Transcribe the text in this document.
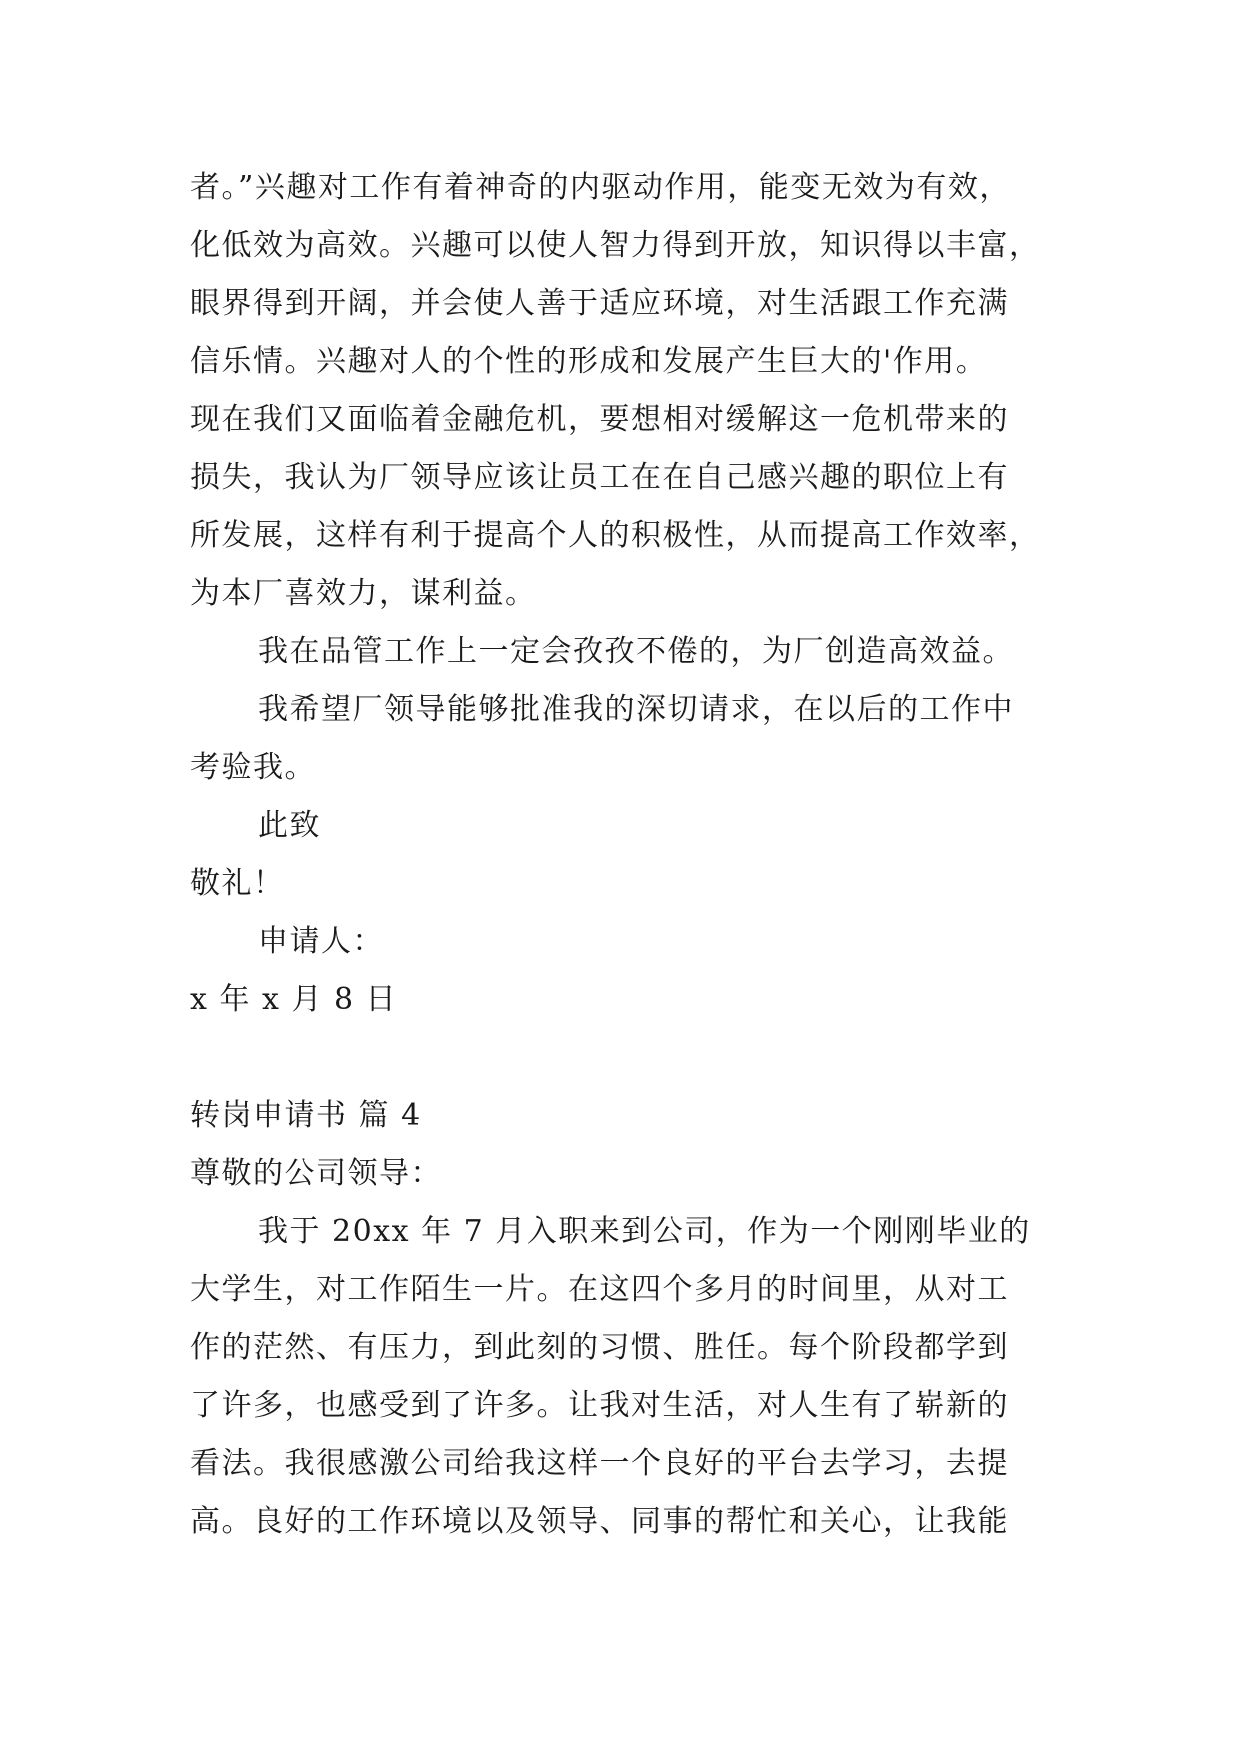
者。”兴趣对工作有着神奇的内驱动作用，能变无效为有效，
化低效为高效。兴趣可以使人智力得到开放，知识得以丰富，
眼界得到开阔，并会使人善于适应环境，对生活跟工作充满
信乐情。兴趣对人的个性的形成和发展产生巨大的'作用。
现在我们又面临着金融危机，要想相对缓解这一危机带来的
损失，我认为厂领导应该让员工在在自己感兴趣的职位上有
所发展，这样有利于提高个人的积极性，从而提高工作效率，
为本厂喜效力，谋利益。
我在品管工作上一定会孜孜不倦的，为厂创造高效益。
我希望厂领导能够批准我的深切请求，在以后的工作中
考验我。
此致
敬礼！
申请人：
x 年 x 月 8 日
转岗申请书 篇 4
尊敬的公司领导：
我于 20xx 年 7 月入职来到公司，作为一个刚刚毕业的
大学生，对工作陌生一片。在这四个多月的时间里，从对工
作的茫然、有压力，到此刻的习惯、胜任。每个阶段都学到
了许多，也感受到了许多。让我对生活，对人生有了崭新的
看法。我很感激公司给我这样一个良好的平台去学习，去提
高。良好的工作环境以及领导、同事的帮忙和关心，让我能
